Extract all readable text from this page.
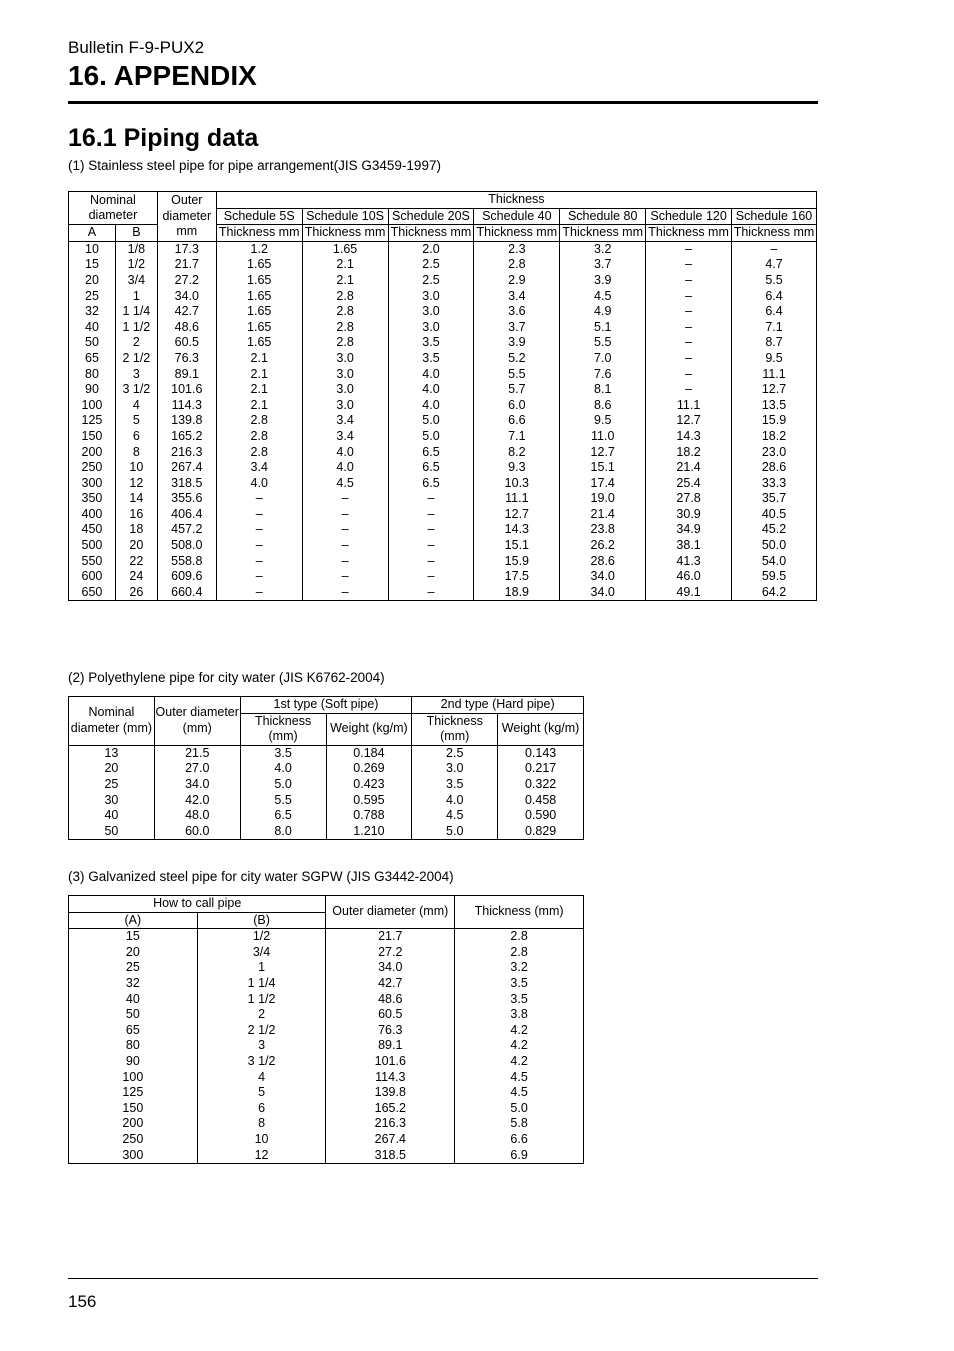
Bulletin F-9-PUX2
16. APPENDIX
16.1 Piping data
(1) Stainless steel pipe for pipe arrangement(JIS G3459-1997)
Nominal diameter		Outer diameter mm	Thickness						
			Schedule 5S	Schedule 10S	Schedule 20S	Schedule 40	Schedule 80	Schedule 120	Schedule 160
A	B		Thickness mm	Thickness mm	Thickness mm	Thickness mm	Thickness mm	Thickness mm	Thickness mm
10	1/8	17.3	1.2	1.65	2.0	2.3	3.2	–	–
15	1/2	21.7	1.65	2.1	2.5	2.8	3.7	–	4.7
20	3/4	27.2	1.65	2.1	2.5	2.9	3.9	–	5.5
25	1	34.0	1.65	2.8	3.0	3.4	4.5	–	6.4
32	1 1/4	42.7	1.65	2.8	3.0	3.6	4.9	–	6.4
40	1 1/2	48.6	1.65	2.8	3.0	3.7	5.1	–	7.1
50	2	60.5	1.65	2.8	3.5	3.9	5.5	–	8.7
65	2 1/2	76.3	2.1	3.0	3.5	5.2	7.0	–	9.5
80	3	89.1	2.1	3.0	4.0	5.5	7.6	–	11.1
90	3 1/2	101.6	2.1	3.0	4.0	5.7	8.1	–	12.7
100	4	114.3	2.1	3.0	4.0	6.0	8.6	11.1	13.5
125	5	139.8	2.8	3.4	5.0	6.6	9.5	12.7	15.9
150	6	165.2	2.8	3.4	5.0	7.1	11.0	14.3	18.2
200	8	216.3	2.8	4.0	6.5	8.2	12.7	18.2	23.0
250	10	267.4	3.4	4.0	6.5	9.3	15.1	21.4	28.6
300	12	318.5	4.0	4.5	6.5	10.3	17.4	25.4	33.3
350	14	355.6	–	–	–	11.1	19.0	27.8	35.7
400	16	406.4	–	–	–	12.7	21.4	30.9	40.5
450	18	457.2	–	–	–	14.3	23.8	34.9	45.2
500	20	508.0	–	–	–	15.1	26.2	38.1	50.0
550	22	558.8	–	–	–	15.9	28.6	41.3	54.0
600	24	609.6	–	–	–	17.5	34.0	46.0	59.5
650	26	660.4	–	–	–	18.9	34.0	49.1	64.2
(2) Polyethylene pipe for city water (JIS K6762-2004)
Nominal diameter (mm)	Outer diameter (mm)	1st type (Soft pipe)		2nd type (Hard pipe)	
		Thickness (mm)	Weight (kg/m)	Thickness (mm)	Weight (kg/m)
13	21.5	3.5	0.184	2.5	0.143
20	27.0	4.0	0.269	3.0	0.217
25	34.0	5.0	0.423	3.5	0.322
30	42.0	5.5	0.595	4.0	0.458
40	48.0	6.5	0.788	4.5	0.590
50	60.0	8.0	1.210	5.0	0.829
(3) Galvanized steel pipe for city water SGPW (JIS G3442-2004)
How to call pipe		Outer diameter (mm)	Thickness (mm)
(A)	(B)		
15	1/2	21.7	2.8
20	3/4	27.2	2.8
25	1	34.0	3.2
32	1 1/4	42.7	3.5
40	1 1/2	48.6	3.5
50	2	60.5	3.8
65	2 1/2	76.3	4.2
80	3	89.1	4.2
90	3 1/2	101.6	4.2
100	4	114.3	4.5
125	5	139.8	4.5
150	6	165.2	5.0
200	8	216.3	5.8
250	10	267.4	6.6
300	12	318.5	6.9
156
